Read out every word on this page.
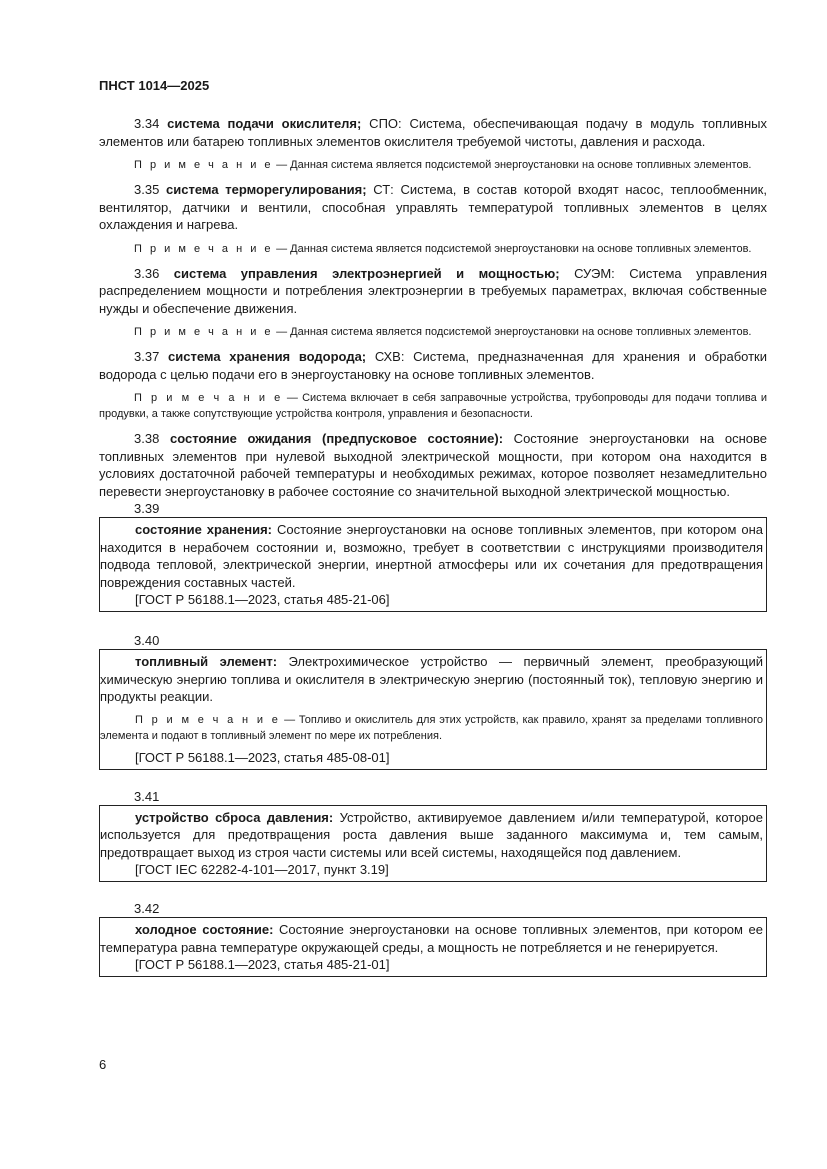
ПНСТ 1014—2025

3.34 система подачи окислителя; СПО: Система, обеспечивающая подачу в модуль топливных элементов или батарею топливных элементов окислителя требуемой чистоты, давления и расхода.

П р и м е ч а н и е — Данная система является подсистемой энергоустановки на основе топливных элементов.

3.35 система терморегулирования; СТ: Система, в состав которой входят насос, теплообменник, вентилятор, датчики и вентили, способная управлять температурой топливных элементов в целях охлаждения и нагрева.

П р и м е ч а н и е — Данная система является подсистемой энергоустановки на основе топливных элементов.

3.36 система управления электроэнергией и мощностью; СУЭМ: Система управления распределением мощности и потребления электроэнергии в требуемых параметрах, включая собственные нужды и обеспечение движения.

П р и м е ч а н и е — Данная система является подсистемой энергоустановки на основе топливных элементов.

3.37 система хранения водорода; СХВ: Система, предназначенная для хранения и обработки водорода с целью подачи его в энергоустановку на основе топливных элементов.

П р и м е ч а н и е — Система включает в себя заправочные устройства, трубопроводы для подачи топлива и продувки, а также сопутствующие устройства контроля, управления и безопасности.

3.38 состояние ожидания (предпусковое состояние): Состояние энергоустановки на основе топливных элементов при нулевой выходной электрической мощности, при котором она находится в условиях достаточной рабочей температуры и необходимых режимах, которое позволяет незамедлительно перевести энергоустановку в рабочее состояние со значительной выходной электрической мощностью.

3.39

состояние хранения: Состояние энергоустановки на основе топливных элементов, при котором она находится в нерабочем состоянии и, возможно, требует в соответствии с инструкциями производителя подвода тепловой, электрической энергии, инертной атмосферы или их сочетания для предотвращения повреждения составных частей.

[ГОСТ Р 56188.1—2023, статья 485-21-06]
3.40

топливный элемент: Электрохимическое устройство — первичный элемент, преобразующий химическую энергию топлива и окислителя в электрическую энергию (постоянный ток), тепловую энергию и продукты реакции.

П р и м е ч а н и е — Топливо и окислитель для этих устройств, как правило, хранят за пределами топливного элемента и подают в топливный элемент по мере их потребления.

[ГОСТ Р 56188.1—2023, статья 485-08-01]
3.41

устройство сброса давления: Устройство, активируемое давлением и/или температурой, которое используется для предотвращения роста давления выше заданного максимума и, тем самым, предотвращает выход из строя части системы или всей системы, находящейся под давлением.

[ГОСТ IEC 62282-4-101—2017, пункт 3.19]
3.42

холодное состояние: Состояние энергоустановки на основе топливных элементов, при котором ее температура равна температуре окружающей среды, а мощность не потребляется и не генерируется.

[ГОСТ Р 56188.1—2023, статья 485-21-01]
6
